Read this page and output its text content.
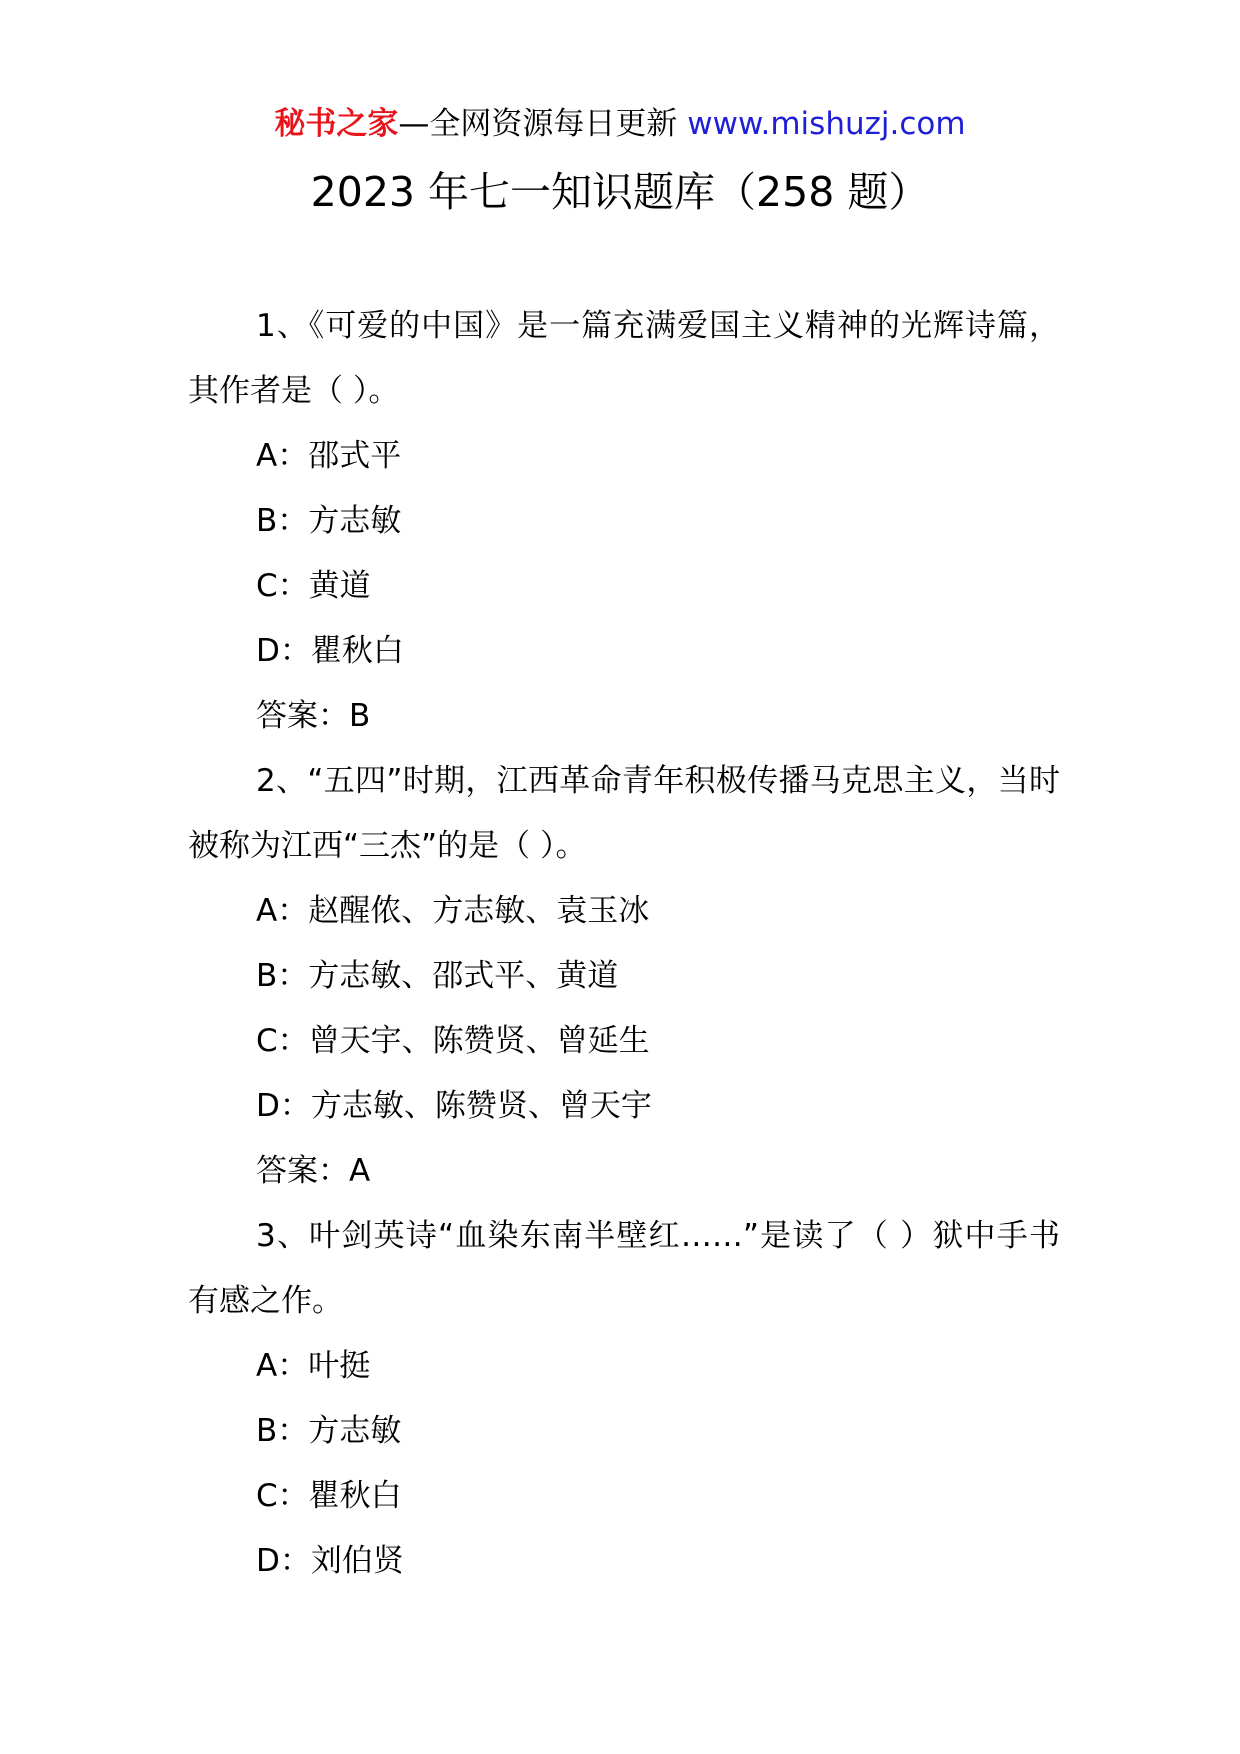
秘书之家—全网资源每日更新 www.mishuzj.com
2023 年七一知识题库（258 题）

1、《可爱的中国》是一篇充满爱国主义精神的光辉诗篇，其作者是（ ）。

A：邵式平

B：方志敏

C：黄道

D：瞿秋白

答案：B

2、“五四”时期，江西革命青年积极传播马克思主义，当时被称为江西“三杰”的是（ ）。

A：赵醒侬、方志敏、袁玉冰

B：方志敏、邵式平、黄道

C：曾天宇、陈赞贤、曾延生

D：方志敏、陈赞贤、曾天宇

答案：A

3、叶剑英诗“血染东南半壁红……”是读了（ ）狱中手书有感之作。

A：叶挺

B：方志敏

C：瞿秋白

D：刘伯贤
